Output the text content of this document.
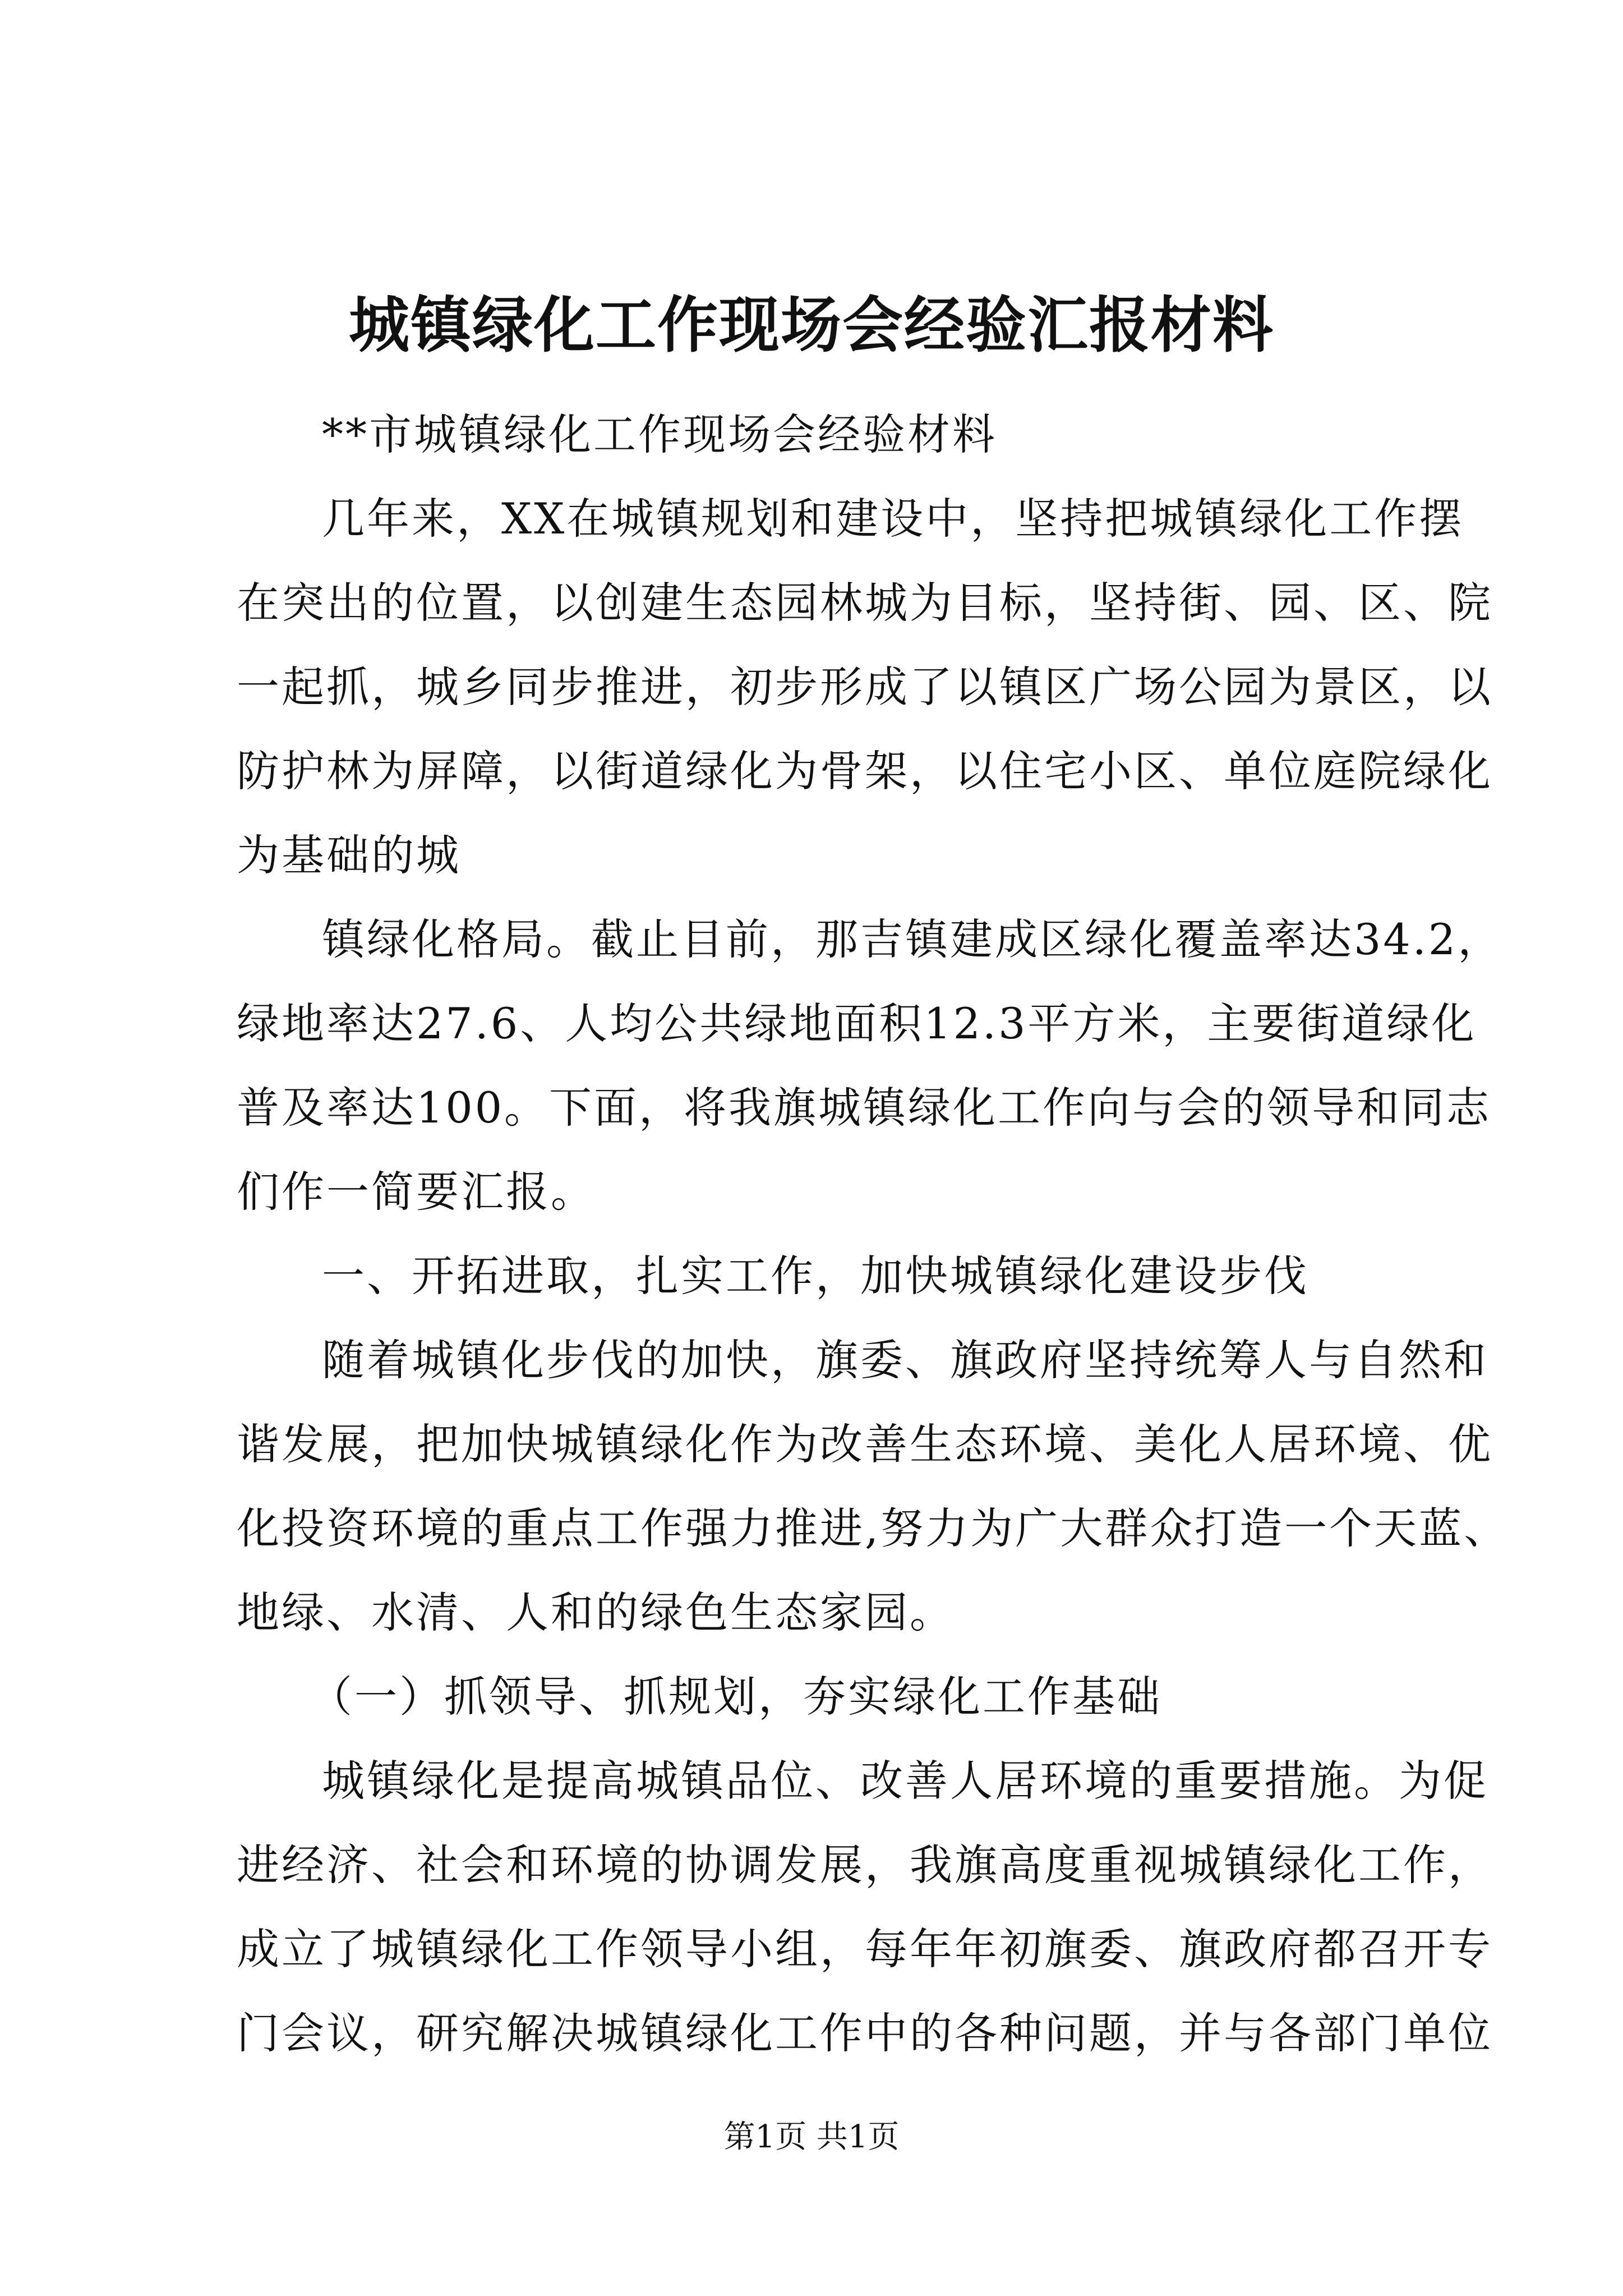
城镇绿化工作现场会经验汇报材料
**市城镇绿化工作现场会经验材料
几年来，XX在城镇规划和建设中，坚持把城镇绿化工作摆
在突出的位置，以创建生态园林城为目标，坚持街、园、区、院
一起抓，城乡同步推进，初步形成了以镇区广场公园为景区，以
防护林为屏障，以街道绿化为骨架，以住宅小区、单位庭院绿化
为基础的城
镇绿化格局。截止目前，那吉镇建成区绿化覆盖率达34.2，
绿地率达27.6、人均公共绿地面积12.3平方米，主要街道绿化
普及率达100。下面，将我旗城镇绿化工作向与会的领导和同志
们作一简要汇报。
一、开拓进取，扎实工作，加快城镇绿化建设步伐
随着城镇化步伐的加快，旗委、旗政府坚持统筹人与自然和
谐发展，把加快城镇绿化作为改善生态环境、美化人居环境、优
化投资环境的重点工作强力推进,努力为广大群众打造一个天蓝、
地绿、水清、人和的绿色生态家园。
（一）抓领导、抓规划，夯实绿化工作基础
城镇绿化是提高城镇品位、改善人居环境的重要措施。为促
进经济、社会和环境的协调发展，我旗高度重视城镇绿化工作，
成立了城镇绿化工作领导小组，每年年初旗委、旗政府都召开专
门会议，研究解决城镇绿化工作中的各种问题，并与各部门单位
第1页 共1页
